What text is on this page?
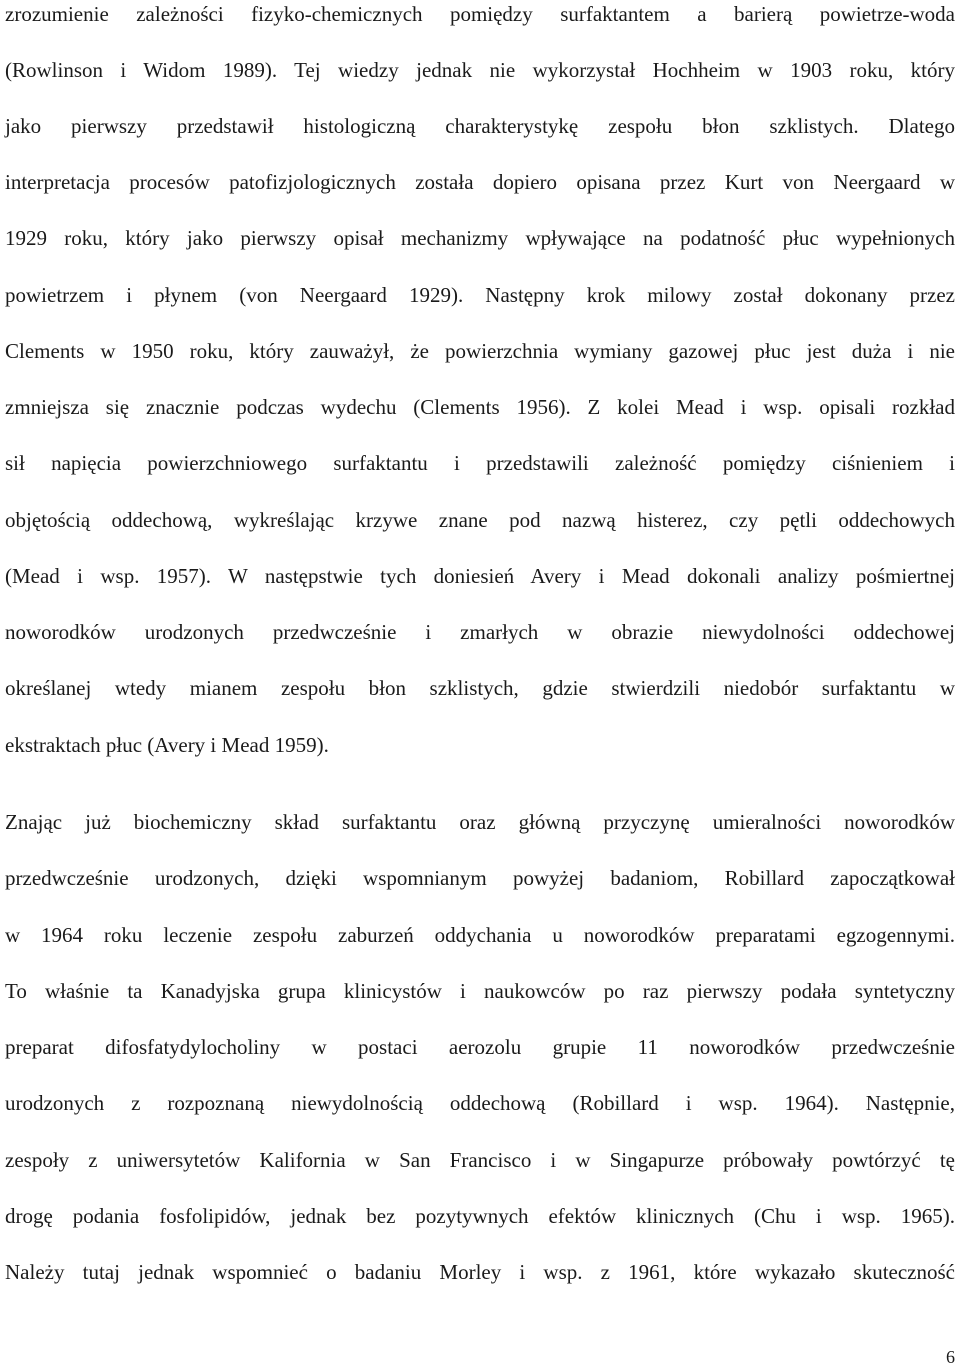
zrozumienie zależności fizyko-chemicznych pomiędzy surfaktantem a barierą powietrze-woda
(Rowlinson i Widom 1989). Tej wiedzy jednak nie wykorzystał Hochheim w 1903 roku, który
jako pierwszy przedstawił histologiczną charakterystykę zespołu błon szklistych. Dlatego
interpretacja procesów patofizjologicznych została dopiero opisana przez Kurt von Neergaard w
1929 roku, który jako pierwszy opisał mechanizmy wpływające na podatność płuc wypełnionych
powietrzem i płynem (von Neergaard 1929). Następny krok milowy został dokonany przez
Clements w 1950 roku, który zauważył, że powierzchnia wymiany gazowej płuc jest duża i nie
zmniejsza się znacznie podczas wydechu (Clements 1956). Z kolei Mead i wsp. opisali rozkład
sił napięcia powierzchniowego surfaktantu i przedstawili zależność pomiędzy ciśnieniem i
objętością oddechową, wykreślając krzywe znane pod nazwą histerez, czy pętli oddechowych
(Mead i wsp. 1957). W następstwie tych doniesień Avery i Mead dokonali analizy pośmiertnej
noworodków urodzonych przedwcześnie i zmarłych w obrazie niewydolności oddechowej
określanej wtedy mianem zespołu błon szklistych, gdzie stwierdzili niedobór surfaktantu w
ekstraktach płuc (Avery i Mead 1959).
Znając już biochemiczny skład surfaktantu oraz główną przyczynę umieralności noworodków
przedwcześnie urodzonych, dzięki wspomnianym powyżej badaniom, Robillard zapoczątkował
w 1964 roku leczenie zespołu zaburzeń oddychania u noworodków preparatami egzogennymi.
To właśnie ta Kanadyjska grupa klinicystów i naukowców po raz pierwszy podała syntetyczny
preparat difosfatydylocholiny w postaci aerozolu grupie 11 noworodków przedwcześnie
urodzonych z rozpoznaną niewydolnością oddechową (Robillard i wsp. 1964). Następnie,
zespoły z uniwersytetów Kalifornia w San Francisco i w Singapurze próbowały powtórzyć tę
drogę podania fosfolipidów, jednak bez pozytywnych efektów klinicznych (Chu i wsp. 1965).
Należy tutaj jednak wspomnieć o badaniu Morley i wsp. z 1961, które wykazało skuteczność
6
